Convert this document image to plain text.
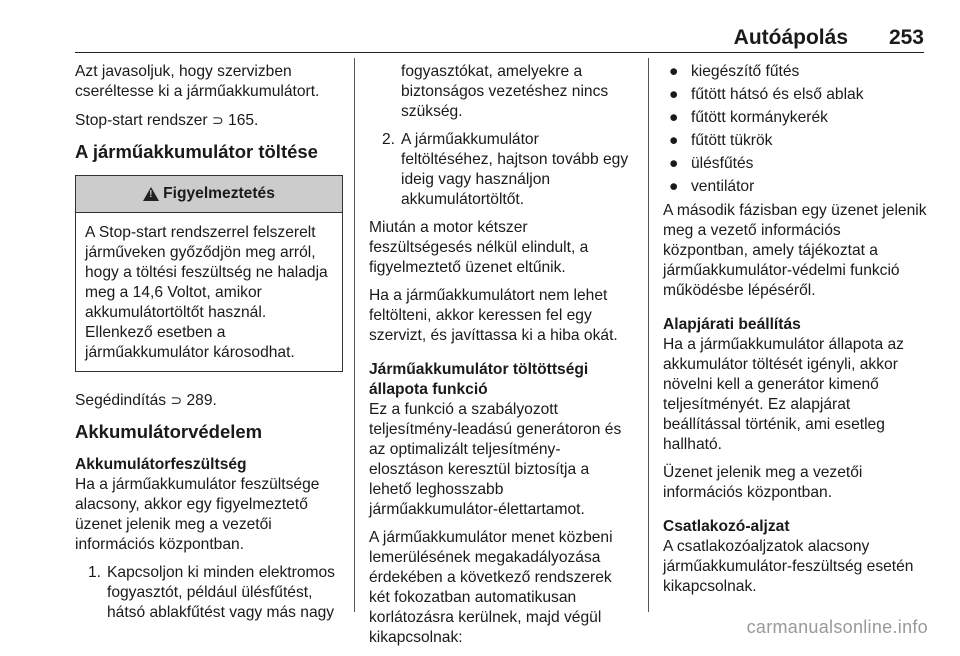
Autóápolás 253

Azt javasoljuk, hogy szervizben cseréltesse ki a járműakkumulátort.

Stop-start rendszer ⊃ 165.

A járműakkumulátor töltése
! Figyelmeztetés

A Stop-start rendszerrel felszerelt járműveken győződjön meg arról, hogy a töltési feszültség ne haladja meg a 14,6 Voltot, amikor akkumulátortöltőt használ. Ellenkező esetben a járműakkumulátor károsodhat.

Segédindítás ⊃ 289.

Akkumulátorvédelem
Akkumulátorfeszültség

Ha a járműakkumulátor feszültsége alacsony, akkor egy figyelmeztető üzenet jelenik meg a vezetői információs központban.

1. Kapcsoljon ki minden elektromos fogyasztót, például ülésfűtést, hátsó ablakfűtést vagy más nagy
fogyasztókat, amelyekre a biztonságos vezetéshez nincs szükség.
2. A járműakkumulátor feltöltéséhez, hajtson tovább egy ideig vagy használjon akkumulátortöltőt.

Miután a motor kétszer feszültségesés nélkül elindult, a figyelmeztető üzenet eltűnik.

Ha a járműakkumulátort nem lehet feltölteni, akkor keressen fel egy szervizt, és javíttassa ki a hiba okát.

Járműakkumulátor töltöttségi állapota funkció

Ez a funkció a szabályozott teljesítmény-leadású generátoron és az optimalizált teljesítmény-elosztáson keresztül biztosítja a lehető leghosszabb járműakkumulátor-élettartamot.

A járműakkumulátor menet közbeni lemerülésének megakadályozása érdekében a következő rendszerek két fokozatban automatikusan korlátozásra kerülnek, majd végül kikapcsolnak:

● kiegészítő fűtés
● fűtött hátsó és első ablak
● fűtött kormánykerék
● fűtött tükrök
● ülésfűtés
● ventilátor

A második fázisban egy üzenet jelenik meg a vezető információs központban, amely tájékoztat a járműakkumulátor-védelmi funkció működésbe lépéséről.

Alapjárati beállítás

Ha a járműakkumulátor állapota az akkumulátor töltését igényli, akkor növelni kell a generátor kimenő teljesítményét. Ez alapjárat beállítással történik, ami esetleg hallható.

Üzenet jelenik meg a vezetői információs központban.

Csatlakozó-aljzat

A csatlakozóaljzatok alacsony járműakkumulátor-feszültség esetén kikapcsolnak.

carmanualsonline.info
